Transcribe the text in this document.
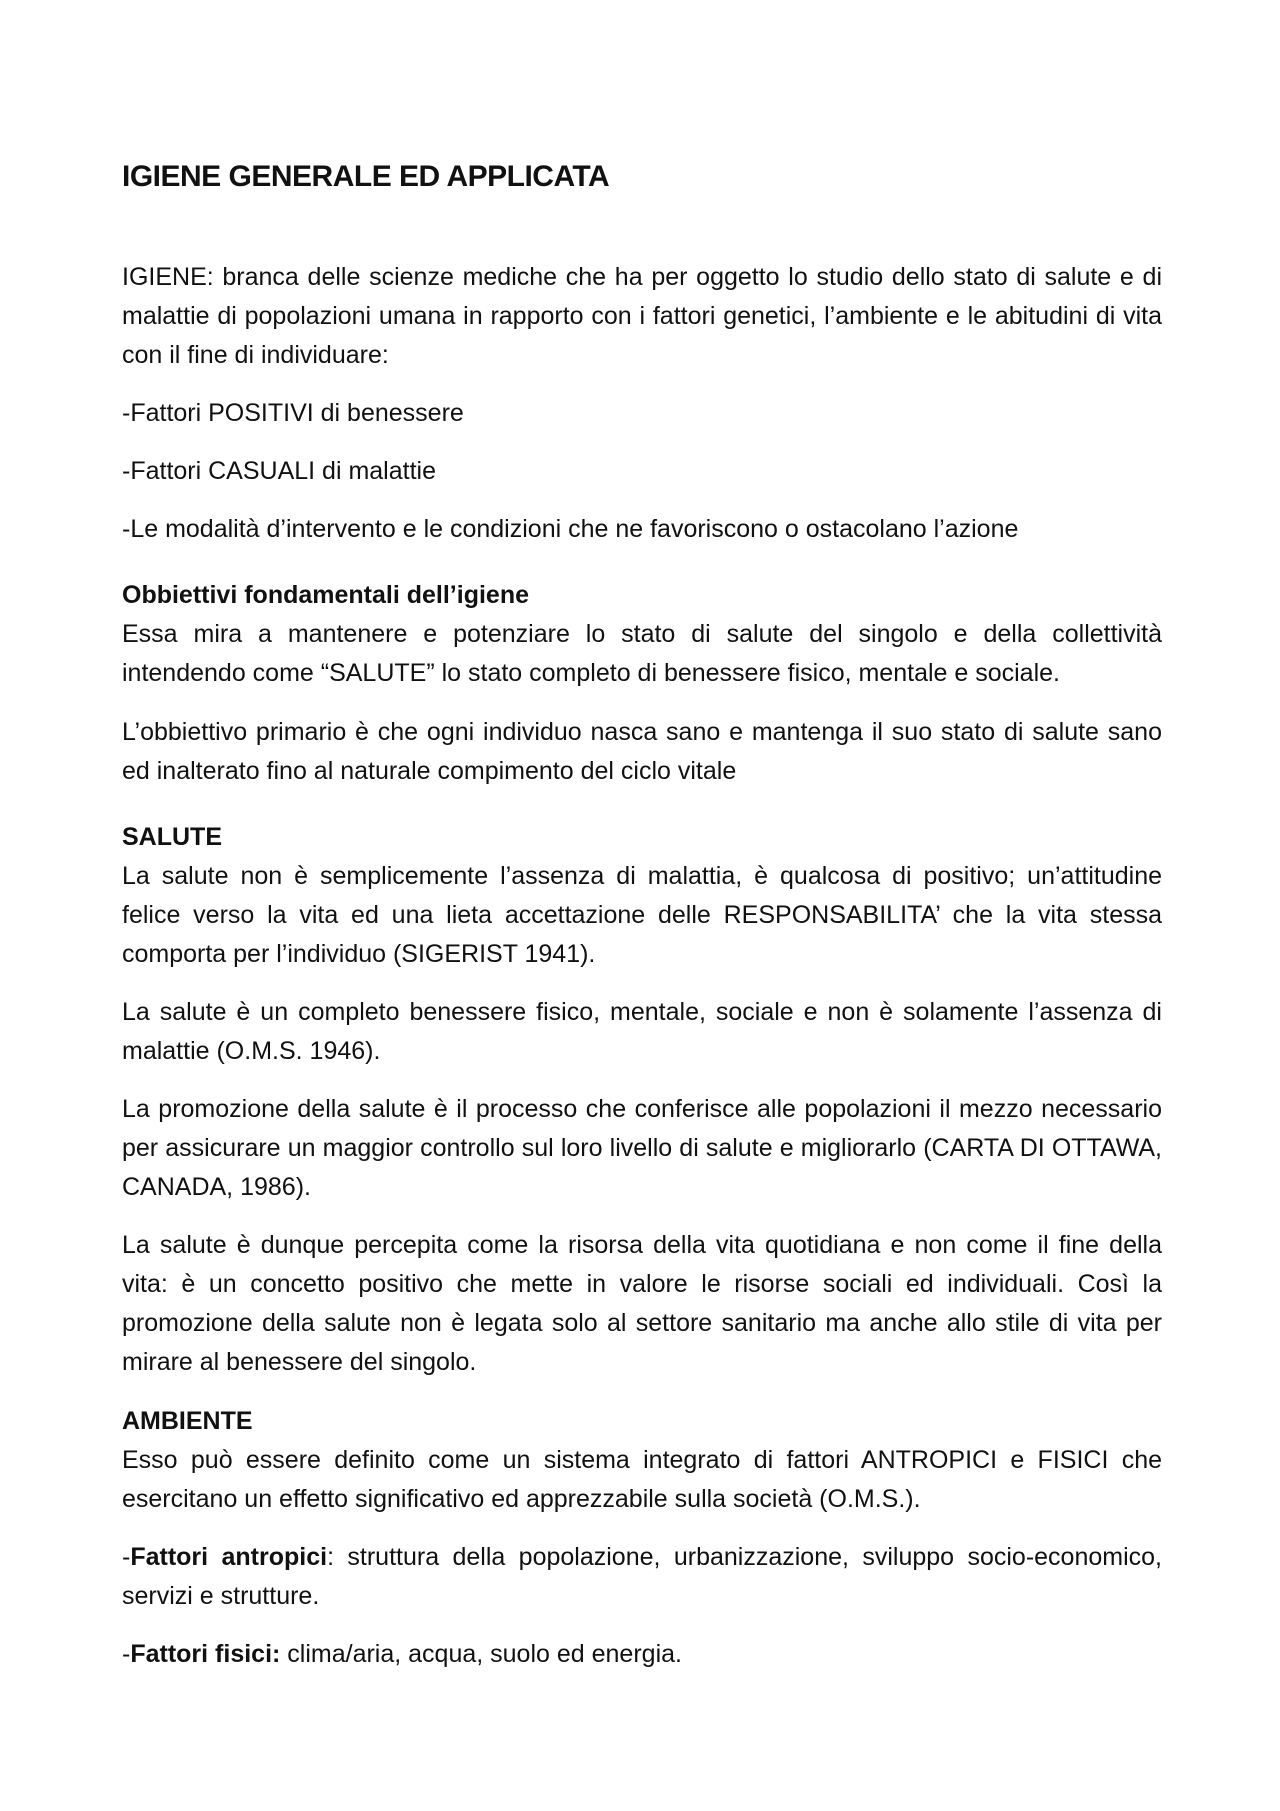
IGIENE GENERALE ED APPLICATA

IGIENE: branca delle scienze mediche che ha per oggetto lo studio dello stato di salute e di malattie di popolazioni umana in rapporto con i fattori genetici, l’ambiente e le abitudini di vita con il fine di individuare:

-Fattori POSITIVI di benessere

-Fattori CASUALI di malattie

-Le modalità d’intervento e le condizioni che ne favoriscono o ostacolano l’azione

Obbiettivi fondamentali dell’igiene
Essa mira a mantenere e potenziare lo stato di salute del singolo e della collettività intendendo come “SALUTE” lo stato completo di benessere fisico, mentale e sociale.

L’obbiettivo primario è che ogni individuo nasca sano e mantenga il suo stato di salute sano ed inalterato fino al naturale compimento del ciclo vitale

SALUTE
La salute non è semplicemente l’assenza di malattia, è qualcosa di positivo; un’attitudine felice verso la vita ed una lieta accettazione delle RESPONSABILITA’ che la vita stessa comporta per l’individuo (SIGERIST 1941).

La salute è un completo benessere fisico, mentale, sociale e non è solamente l’assenza di malattie (O.M.S. 1946).

La promozione della salute è il processo che conferisce alle popolazioni il mezzo necessario per assicurare un maggior controllo sul loro livello di salute e migliorarlo (CARTA DI OTTAWA, CANADA, 1986).

La salute è dunque percepita come la risorsa della vita quotidiana e non come il fine della vita: è un concetto positivo che mette in valore le risorse sociali ed individuali. Così la promozione della salute non è legata solo al settore sanitario ma anche allo stile di vita per mirare al benessere del singolo.

AMBIENTE
Esso può essere definito come un sistema integrato di fattori ANTROPICI e FISICI che esercitano un effetto significativo ed apprezzabile sulla società (O.M.S.).

-Fattori antropici: struttura della popolazione, urbanizzazione, sviluppo socio-economico, servizi e strutture.

-Fattori fisici: clima/aria, acqua, suolo ed energia.
